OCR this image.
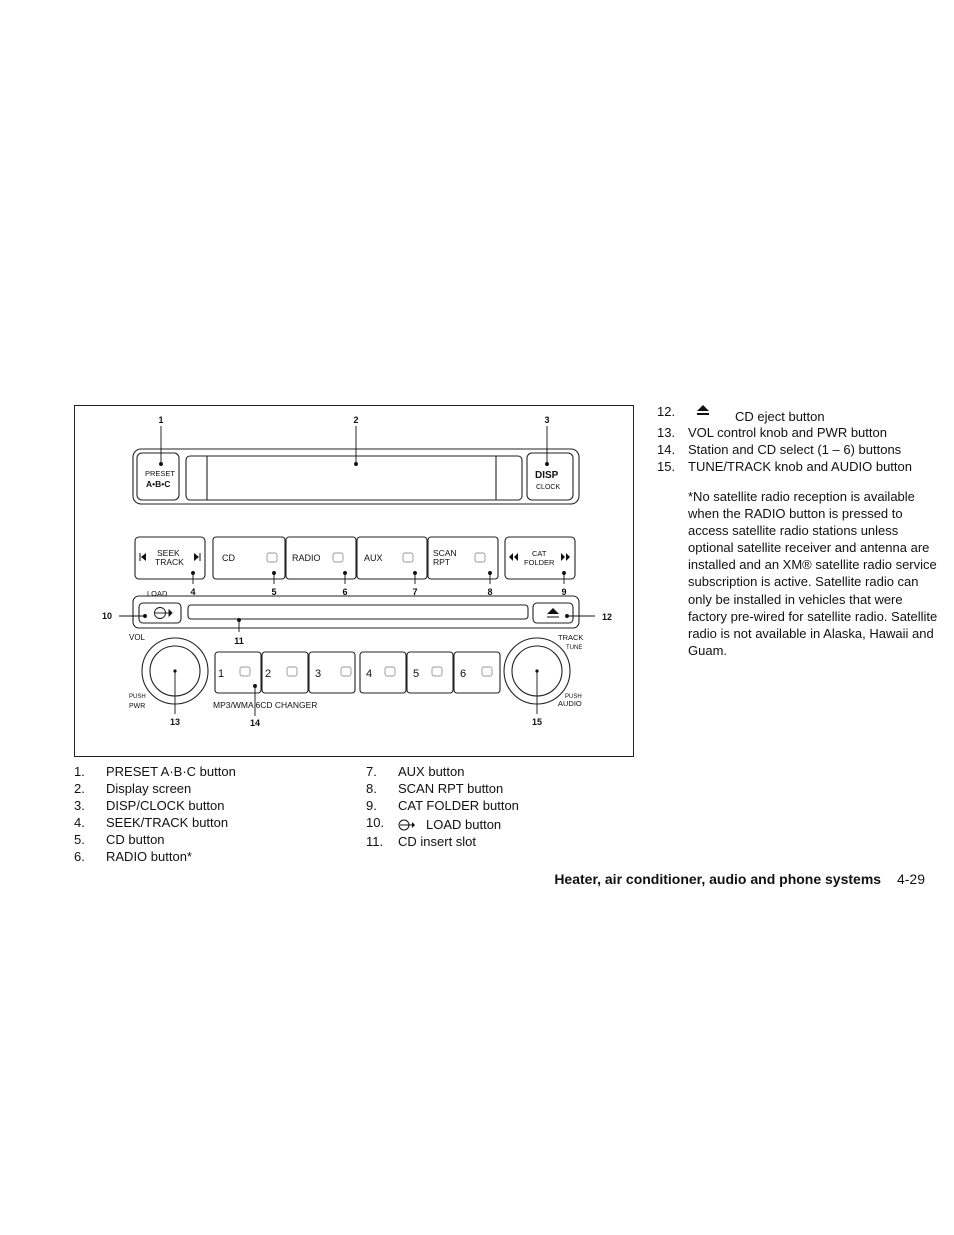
1	2	3
4	5	6	7	8	9
10
11
12
13	14	15
PRESET
A•B•C
DISP
CLOCK
SEEK
TRACK	CD	RADIO	AUX	SCAN
RPT
CAT
FOLDER
LOAD
VOL	TRACK
TUNE
PUSH
PWR
PUSH
AUDIO
MP3/WMA 6CD CHANGER
1	2	3	4	5	6
1.	PRESET A·B·C button
2.	Display screen
3.	DISP/CLOCK button
4.	SEEK/TRACK button
5.	CD button
6.	RADIO button*
7.	AUX button
8.	SCAN RPT button
9.	CAT FOLDER button
10.	LOAD button
11.	CD insert slot
12.	CD eject button
13. VOL control knob and PWR button
14. Station and CD select (1 – 6) buttons
15. TUNE/TRACK knob and AUDIO button
*No satellite radio reception is available when the RADIO button is pressed to access satellite radio stations unless optional satellite receiver and antenna are installed and an XM® satellite radio service subscription is active. Satellite radio can only be installed in vehicles that were factory pre-wired for satellite radio. Satellite radio is not available in Alaska, Hawaii and Guam.
Heater, air conditioner, audio and phone systems 4-29
